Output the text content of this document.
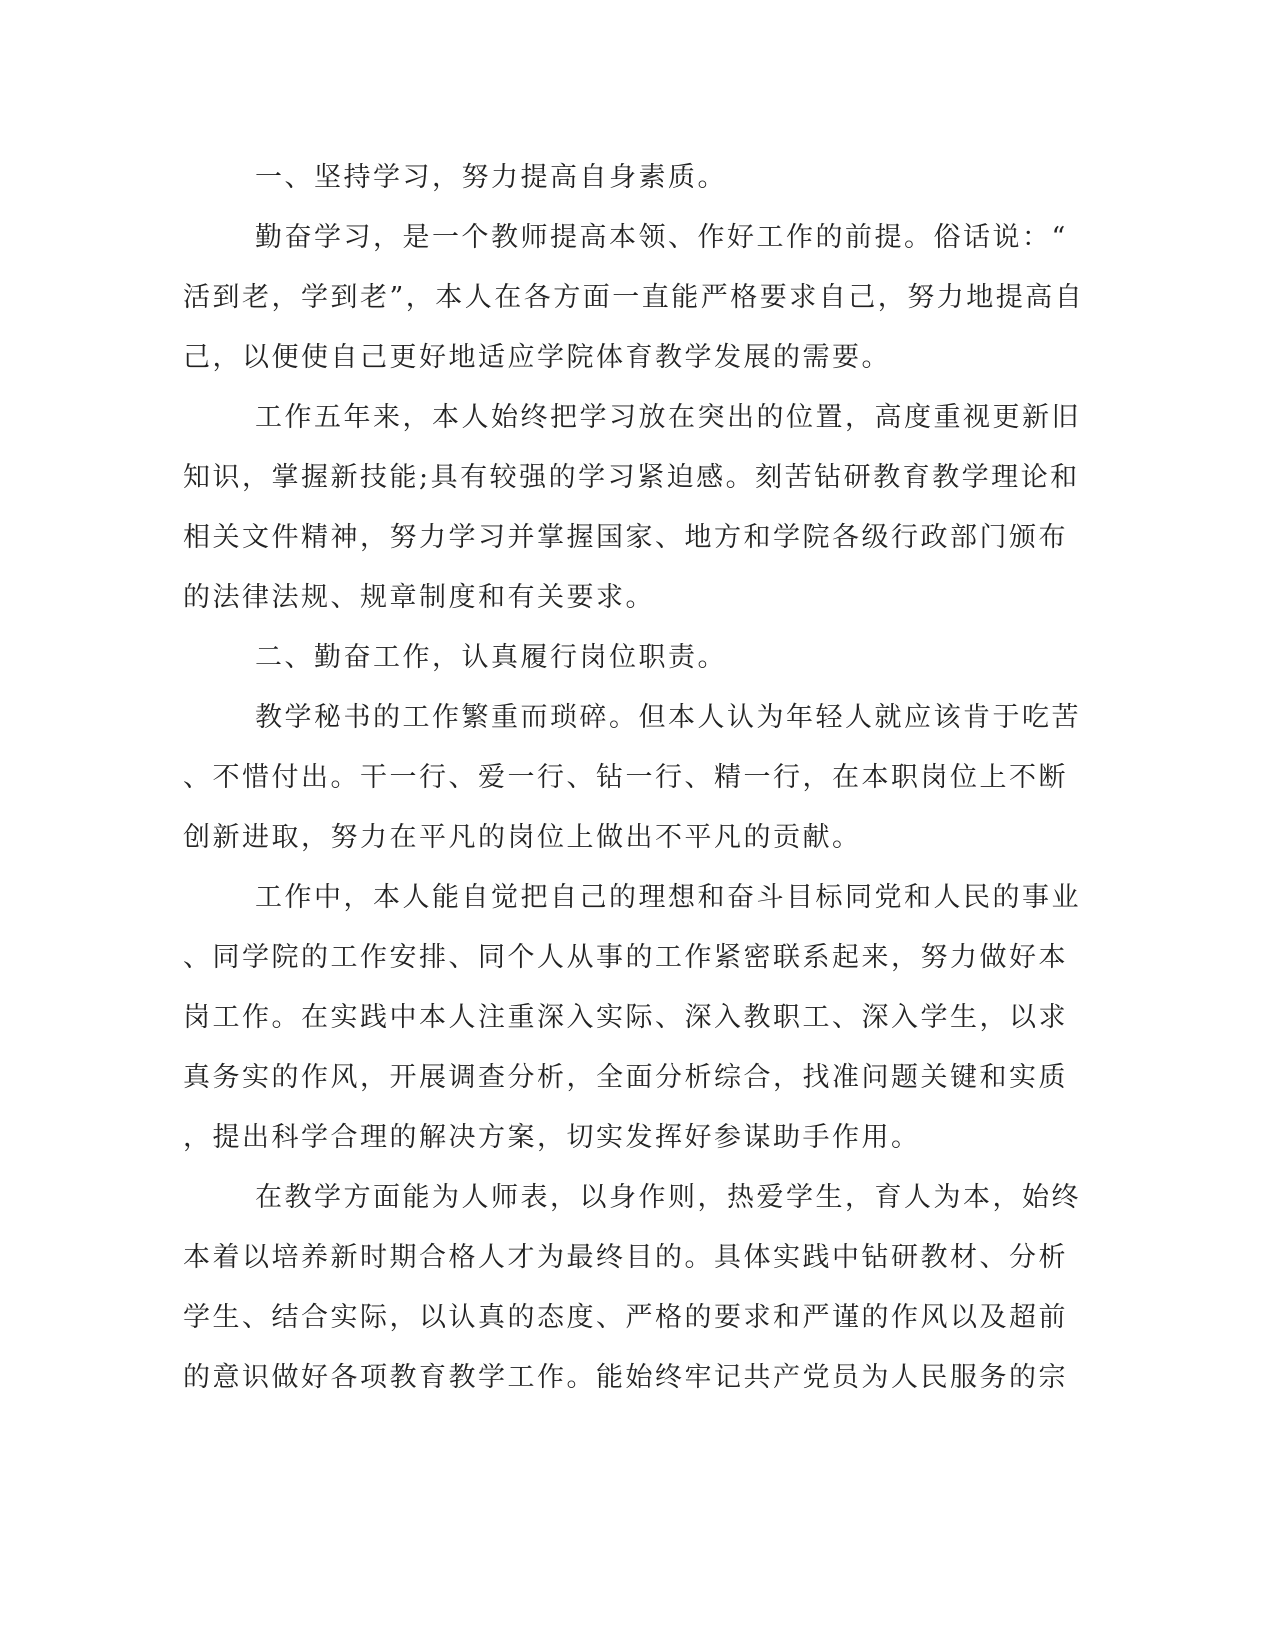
一、坚持学习，努力提高自身素质。
勤奋学习，是一个教师提高本领、作好工作的前提。俗话说：“
活到老，学到老”，本人在各方面一直能严格要求自己，努力地提高自
己，以便使自己更好地适应学院体育教学发展的需要。
工作五年来，本人始终把学习放在突出的位置，高度重视更新旧
知识，掌握新技能;具有较强的学习紧迫感。刻苦钻研教育教学理论和
相关文件精神，努力学习并掌握国家、地方和学院各级行政部门颁布
的法律法规、规章制度和有关要求。
二、勤奋工作，认真履行岗位职责。
教学秘书的工作繁重而琐碎。但本人认为年轻人就应该肯于吃苦
、不惜付出。干一行、爱一行、钻一行、精一行，在本职岗位上不断
创新进取，努力在平凡的岗位上做出不平凡的贡献。
工作中，本人能自觉把自己的理想和奋斗目标同党和人民的事业
、同学院的工作安排、同个人从事的工作紧密联系起来，努力做好本
岗工作。在实践中本人注重深入实际、深入教职工、深入学生，以求
真务实的作风，开展调查分析，全面分析综合，找准问题关键和实质
，提出科学合理的解决方案，切实发挥好参谋助手作用。
在教学方面能为人师表，以身作则，热爱学生，育人为本，始终
本着以培养新时期合格人才为最终目的。具体实践中钻研教材、分析
学生、结合实际，以认真的态度、严格的要求和严谨的作风以及超前
的意识做好各项教育教学工作。能始终牢记共产党员为人民服务的宗
